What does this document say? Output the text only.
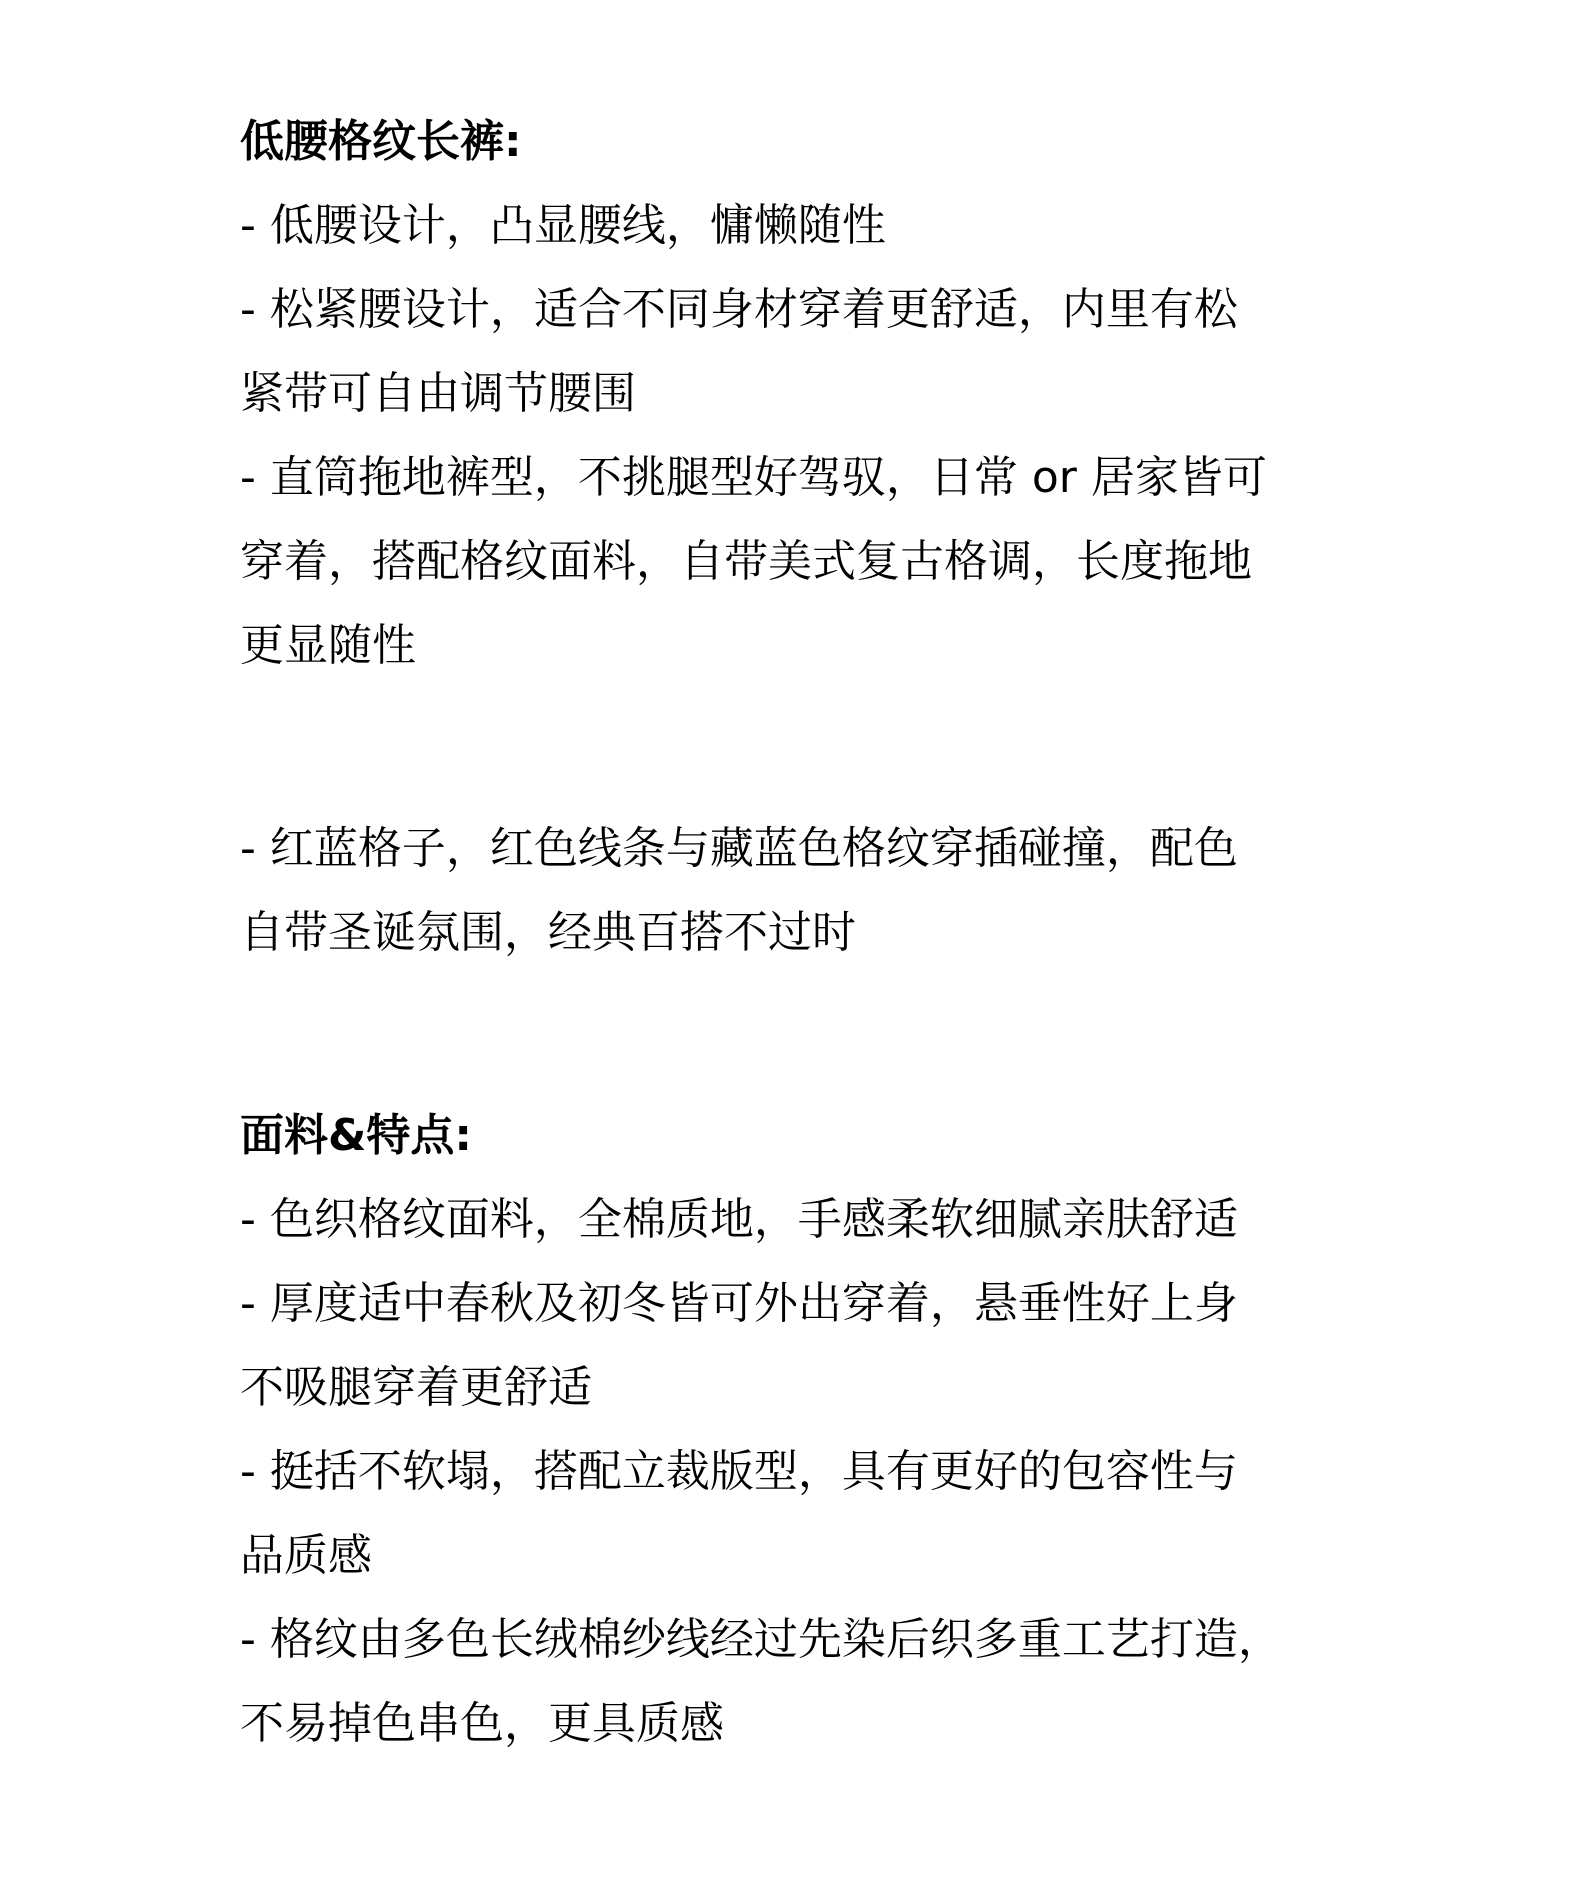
低腰格纹长裤:

- 低腰设计，凸显腰线，慵懒随性

- 松紧腰设计，适合不同身材穿着更舒适，内里有松

紧带可自由调节腰围

- 直筒拖地裤型，不挑腿型好驾驭，日常 or 居家皆可

穿着，搭配格纹面料，自带美式复古格调，长度拖地

更显随性

- 红蓝格子，红色线条与藏蓝色格纹穿插碰撞，配色

自带圣诞氛围，经典百搭不过时

面料&特点:

- 色织格纹面料，全棉质地，手感柔软细腻亲肤舒适

- 厚度适中春秋及初冬皆可外出穿着，悬垂性好上身

不吸腿穿着更舒适

- 挺括不软塌，搭配立裁版型，具有更好的包容性与

品质感

- 格纹由多色长绒棉纱线经过先染后织多重工艺打造，

不易掉色串色，更具质感
